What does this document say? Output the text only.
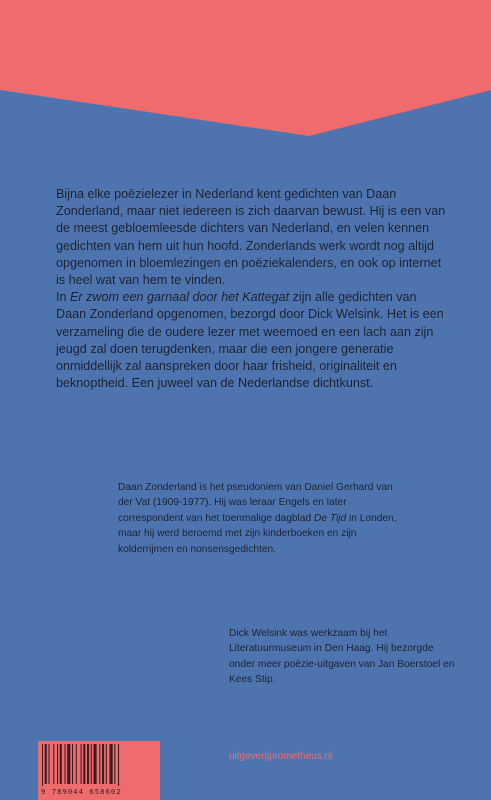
Bijna elke poëzielezer in Nederland kent gedichten van Daan Zonderland, maar niet iedereen is zich daarvan bewust. Hij is een van de meest gebloemleesde dichters van Nederland, en velen kennen gedichten van hem uit hun hoofd. Zonderlands werk wordt nog altijd opgenomen in bloemlezingen en poëziekalenders, en ook op internet is heel wat van hem te vinden.

In Er zwom een garnaal door het Kattegat zijn alle gedichten van Daan Zonderland opgenomen, bezorgd door Dick Welsink. Het is een verzameling die de oudere lezer met weemoed en een lach aan zijn jeugd zal doen terugdenken, maar die een jongere generatie onmiddellijk zal aanspreken door haar frisheid, originaliteit en beknoptheid. Een juweel van de Nederlandse dichtkunst.

Daan Zonderland is het pseudoniem van Daniel Gerhard van der Vat (1909-1977). Hij was leraar Engels en later correspondent van het toenmalige dagblad De Tijd in Londen, maar hij werd beroemd met zijn kinderboeken en zijn kolderrijmen en nonsensgedichten.

Dick Welsink was werkzaam bij het Literatuurmuseum in Den Haag. Hij bezorgde onder meer poëzie-uitgaven van Jan Boerstoel en Kees Stip.

9 789044 658602
uitgeverijprometheus.nl
